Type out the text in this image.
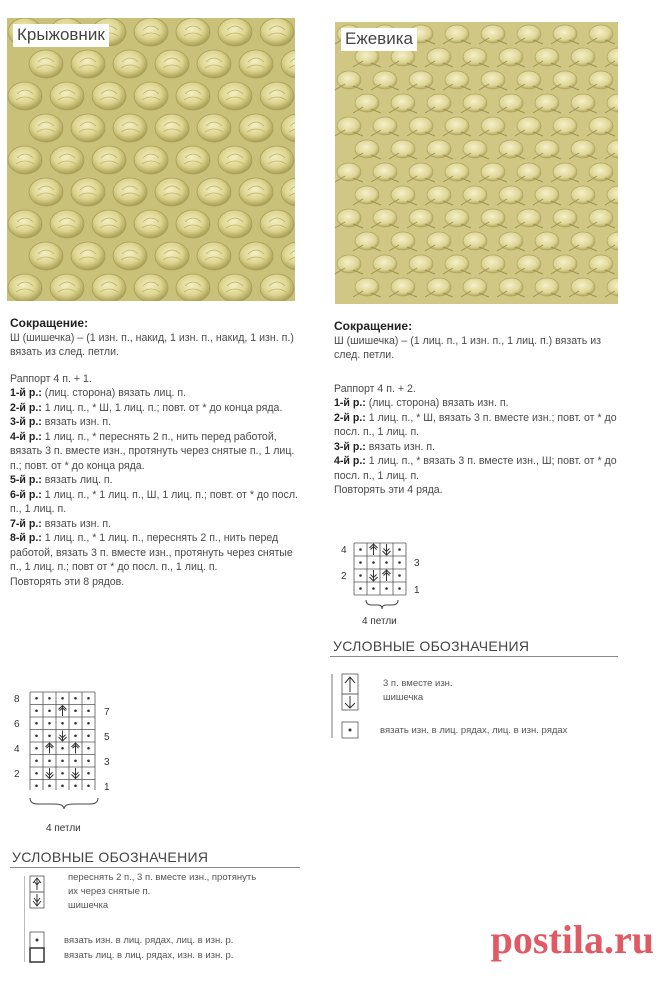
Крыжовник	Ежевика

Сокращение:

Ш (шишечка) – (1 изн. п., накид, 1 изн. п., накид, 1 изн. п.) вязать из след. петли.

Раппорт 4 п. + 1.

1-й р.: (лиц. сторона) вязать лиц. п.

2-й р.: 1 лиц. п., * Ш, 1 лиц. п.; повт. от * до конца ряда.

3-й р.: вязать изн. п.

4-й р.: 1 лиц. п., * переснять 2 п., нить перед работой, вязать 3 п. вместе изн., протянуть через снятые п., 1 лиц. п.; повт. от * до конца ряда.

5-й р.: вязать лиц. п.

6-й р.: 1 лиц. п., * 1 лиц. п., Ш, 1 лиц. п.; повт. от * до посл. п., 1 лиц. п.

7-й р.: вязать изн. п.

8-й р.: 1 лиц. п., * 1 лиц. п., переснять 2 п., нить перед работой, вязать 3 п. вместе изн., протянуть через снятые п., 1 лиц. п.; повт от * до посл. п., 1 лиц. п.

Повторять эти 8 рядов.

8
6
4
2
7
5
3
1
4 петли
УСЛОВНЫЕ ОБОЗНАЧЕНИЯ
переснять 2 п., 3 п. вместе изн., протянуть
их через снятые п.
шишечка
вязать изн. в лиц. рядах, лиц. в изн. р.
вязать лиц. в лиц. рядах, изн. в изн. р.

Сокращение:

Ш (шишечка) – (1 лиц. п., 1 изн. п., 1 лиц. п.) вязать из след. петли.

Раппорт 4 п. + 2.

1-й р.: (лиц. сторона) вязать изн. п.

2-й р.: 1 лиц. п., * Ш, вязать 3 п. вместе изн.; повт. от * до посл. п., 1 лиц. п.

3-й р.: вязать изн. п.

4-й р.: 1 лиц. п., * вязать 3 п. вместе изн., Ш; повт. от * до посл. п., 1 лиц. п.

Повторять эти 4 ряда.

4
2
3
1
4 петли
УСЛОВНЫЕ ОБОЗНАЧЕНИЯ
3 п. вместе изн.
шишечка
вязать изн. в лиц. рядах, лиц. в изн. рядах
postila.ru
